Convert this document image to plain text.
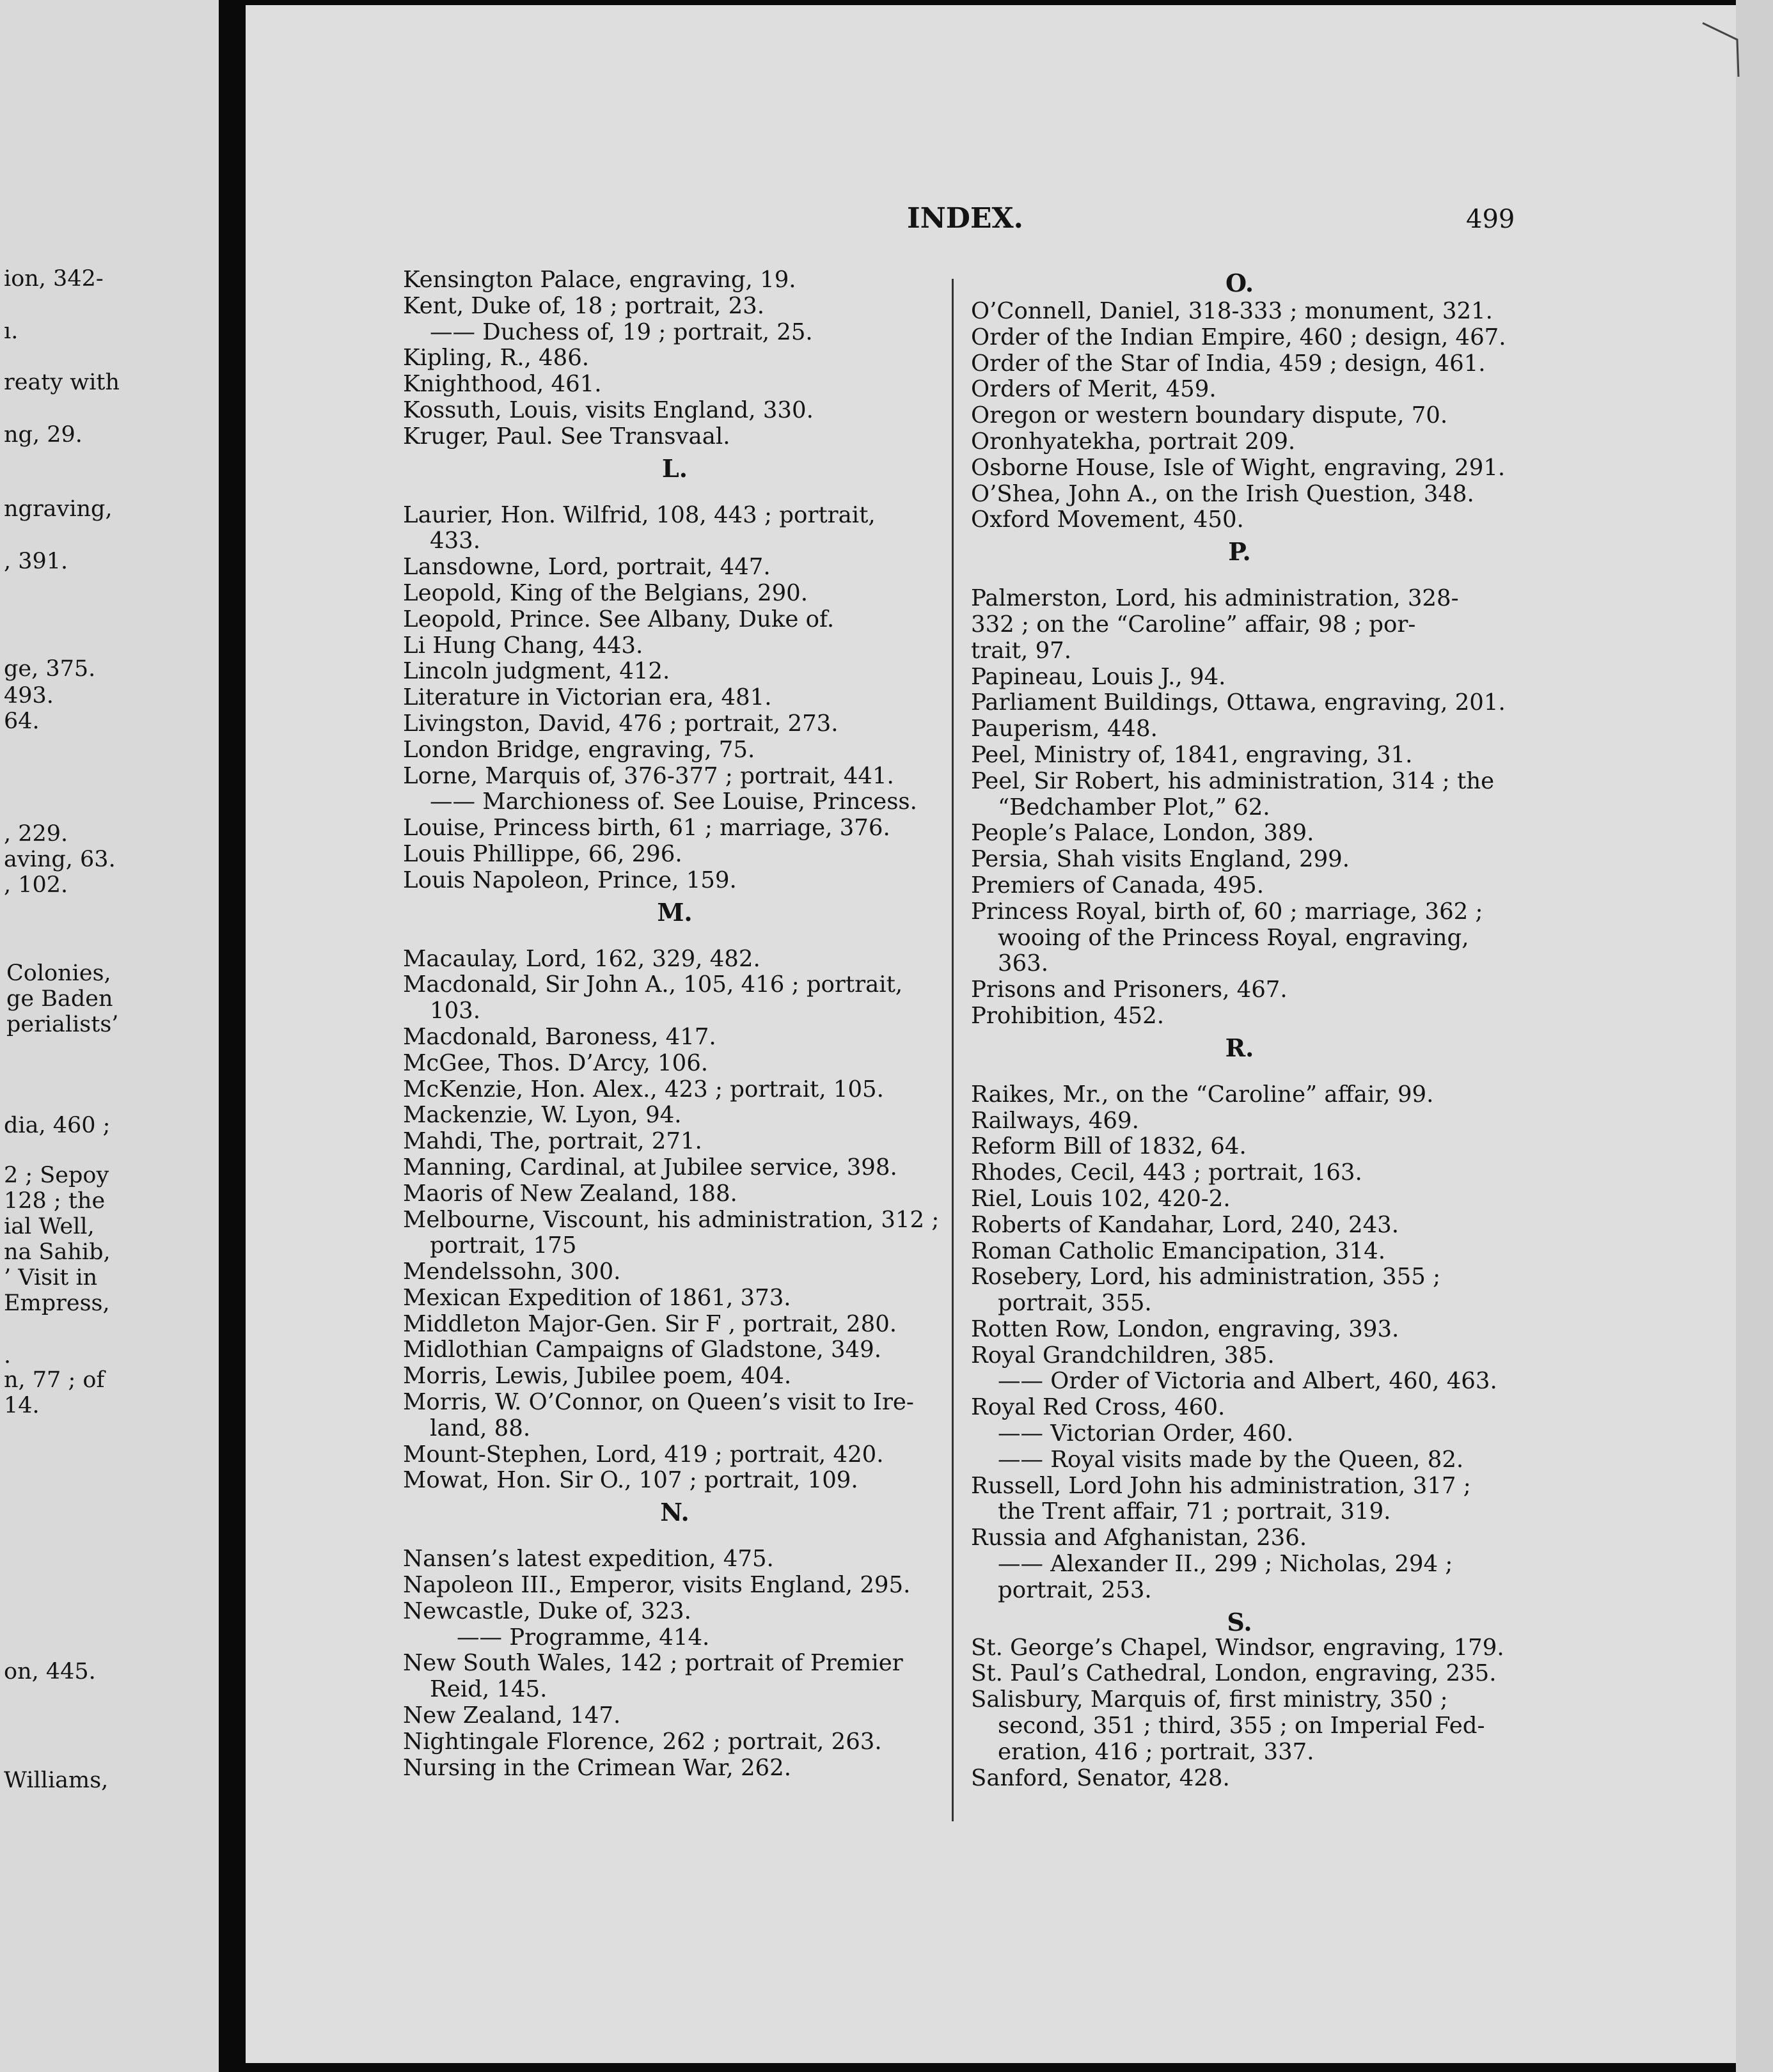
ion, 342-
ı.
reaty with
ng, 29.
ngraving,
, 391.
ge, 375.
493.
64.
, 229.
aving, 63.
, 102.
Colonies,
ge Baden
perialists’
dia, 460 ;
2 ; Sepoy
128 ; the
ial Well,
na Sahib,
’ Visit in
Empress,
.
n, 77 ; of
14.
on, 445.
Williams,
INDEX.	499
Kensington Palace, engraving, 19.
Kent, Duke of, 18 ; portrait, 23.
—— Duchess of, 19 ; portrait, 25.
Kipling, R., 486.
Knighthood, 461.
Kossuth, Louis, visits England, 330.
Kruger, Paul. See Transvaal.
L.
Laurier, Hon. Wilfrid, 108, 443 ; portrait,
433.
Lansdowne, Lord, portrait, 447.
Leopold, King of the Belgians, 290.
Leopold, Prince. See Albany, Duke of.
Li Hung Chang, 443.
Lincoln judgment, 412.
Literature in Victorian era, 481.
Livingston, David, 476 ; portrait, 273.
London Bridge, engraving, 75.
Lorne, Marquis of, 376-377 ; portrait, 441.
—— Marchioness of. See Louise, Princess.
Louise, Princess birth, 61 ; marriage, 376.
Louis Phillippe, 66, 296.
Louis Napoleon, Prince, 159.
M.
Macaulay, Lord, 162, 329, 482.
Macdonald, Sir John A., 105, 416 ; portrait,
103.
Macdonald, Baroness, 417.
McGee, Thos. D’Arcy, 106.
McKenzie, Hon. Alex., 423 ; portrait, 105.
Mackenzie, W. Lyon, 94.
Mahdi, The, portrait, 271.
Manning, Cardinal, at Jubilee service, 398.
Maoris of New Zealand, 188.
Melbourne, Viscount, his administration, 312 ;
portrait, 175
Mendelssohn, 300.
Mexican Expedition of 1861, 373.
Middleton Major-Gen. Sir F , portrait, 280.
Midlothian Campaigns of Gladstone, 349.
Morris, Lewis, Jubilee poem, 404.
Morris, W. O’Connor, on Queen’s visit to Ire-
land, 88.
Mount-Stephen, Lord, 419 ; portrait, 420.
Mowat, Hon. Sir O., 107 ; portrait, 109.
N.
Nansen’s latest expedition, 475.
Napoleon III., Emperor, visits England, 295.
Newcastle, Duke of, 323.
—— Programme, 414.
New South Wales, 142 ; portrait of Premier
Reid, 145.
New Zealand, 147.
Nightingale Florence, 262 ; portrait, 263.
Nursing in the Crimean War, 262.
O.
O’Connell, Daniel, 318-333 ; monument, 321.
Order of the Indian Empire, 460 ; design, 467.
Order of the Star of India, 459 ; design, 461.
Orders of Merit, 459.
Oregon or western boundary dispute, 70.
Oronhyatekha, portrait 209.
Osborne House, Isle of Wight, engraving, 291.
O’Shea, John A., on the Irish Question, 348.
Oxford Movement, 450.
P.
Palmerston, Lord, his administration, 328-
332 ; on the “Caroline” affair, 98 ; por-
trait, 97.
Papineau, Louis J., 94.
Parliament Buildings, Ottawa, engraving, 201.
Pauperism, 448.
Peel, Ministry of, 1841, engraving, 31.
Peel, Sir Robert, his administration, 314 ; the
“Bedchamber Plot,” 62.
People’s Palace, London, 389.
Persia, Shah visits England, 299.
Premiers of Canada, 495.
Princess Royal, birth of, 60 ; marriage, 362 ;
wooing of the Princess Royal, engraving,
363.
Prisons and Prisoners, 467.
Prohibition, 452.
R.
Raikes, Mr., on the “Caroline” affair, 99.
Railways, 469.
Reform Bill of 1832, 64.
Rhodes, Cecil, 443 ; portrait, 163.
Riel, Louis 102, 420-2.
Roberts of Kandahar, Lord, 240, 243.
Roman Catholic Emancipation, 314.
Rosebery, Lord, his administration, 355 ;
portrait, 355.
Rotten Row, London, engraving, 393.
Royal Grandchildren, 385.
—— Order of Victoria and Albert, 460, 463.
Royal Red Cross, 460.
—— Victorian Order, 460.
—— Royal visits made by the Queen, 82.
Russell, Lord John his administration, 317 ;
the Trent affair, 71 ; portrait, 319.
Russia and Afghanistan, 236.
—— Alexander II., 299 ; Nicholas, 294 ;
portrait, 253.
S.
St. George’s Chapel, Windsor, engraving, 179.
St. Paul’s Cathedral, London, engraving, 235.
Salisbury, Marquis of, first ministry, 350 ;
second, 351 ; third, 355 ; on Imperial Fed-
eration, 416 ; portrait, 337.
Sanford, Senator, 428.
